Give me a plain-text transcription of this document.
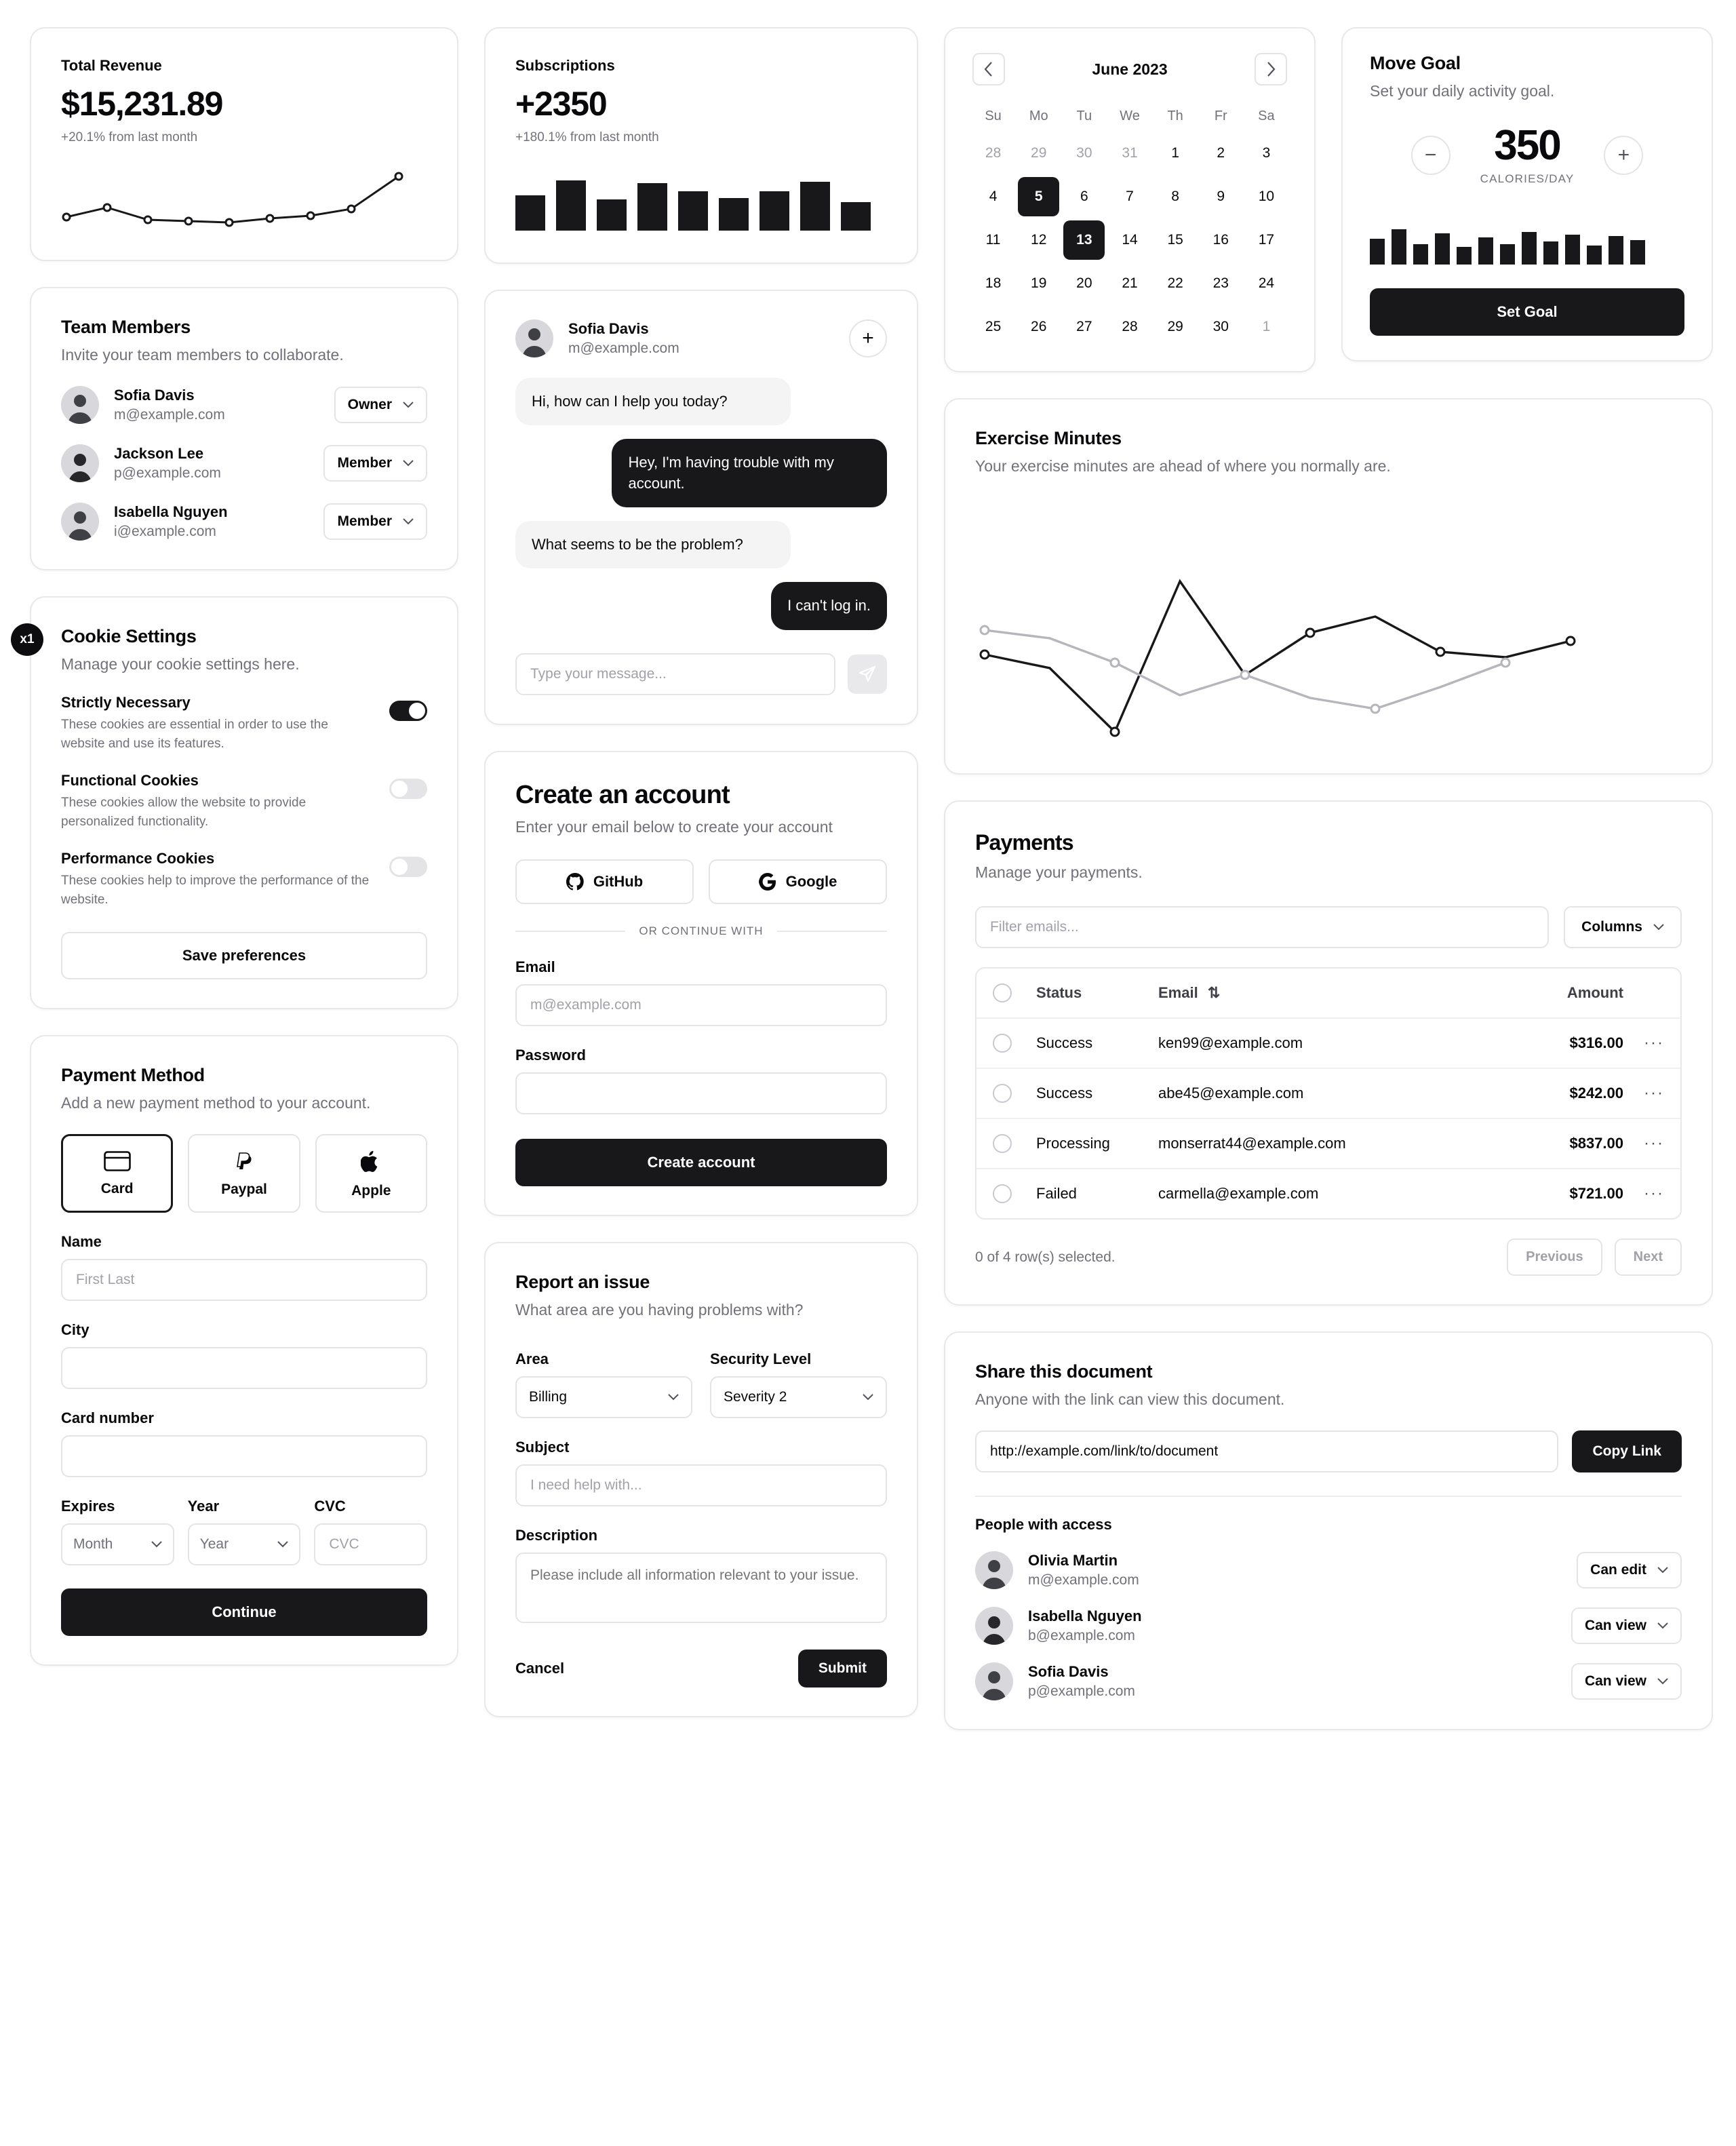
Total Revenue
$15,231.89
+20.1% from last month
Team Members
Invite your team members to collaborate.
Sofia Davis
m@example.com
Owner
Jackson Lee
p@example.com
Member
Isabella Nguyen
i@example.com
Member
x1	Cookie Settings
Manage your cookie settings here.
Strictly Necessary
These cookies are essential in order to use the website and use its features.
Functional Cookies
These cookies allow the website to provide personalized functionality.
Performance Cookies
These cookies help to improve the performance of the website.
Save preferences
Payment Method
Add a new payment method to your account.
Card	Paypal	Apple
Name
First Last
City
Card number
Expires
Month
Year
Year
CVC
CVC
Continue
Subscriptions
+2350
+180.1% from last month
Sofia Davis
m@example.com	+
Hi, how can I help you today?
Hey, I'm having trouble with my account.
What seems to be the problem?
I can't log in.
Type your message...
Create an account
Enter your email below to create your account
GitHub	Google
OR CONTINUE WITH
Email
m@example.com
Password
Create account
Report an issue
What area are you having problems with?
Area
Billing
Security Level
Severity 2
Subject
I need help with...
Description
Please include all information relevant to your issue.
Cancel	Submit
June 2023
Su	Mo	Tu	We	Th	Fr	Sa
28	29	30	31	1	2	3
4	5	6	7	8	9	10
11	12	13	14	15	16	17
18	19	20	21	22	23	24
25	26	27	28	29	30	1
Exercise Minutes
Your exercise minutes are ahead of where you normally are.
Payments
Manage your payments.
Filter emails...
Columns
Status	Email ⇅	Amount
Success	ken99@example.com	$316.00	···
Success	abe45@example.com	$242.00	···
Processing	monserrat44@example.com	$837.00	···
Failed	carmella@example.com	$721.00	···
0 of 4 row(s) selected.	Previous	Next
Share this document
Anyone with the link can view this document.
http://example.com/link/to/document
Copy Link
People with access
Olivia Martin
m@example.com
Can edit
Isabella Nguyen
b@example.com
Can view
Sofia Davis
p@example.com
Can view
Move Goal
Set your daily activity goal.
−	350
CALORIES/DAY
+
Set Goal
